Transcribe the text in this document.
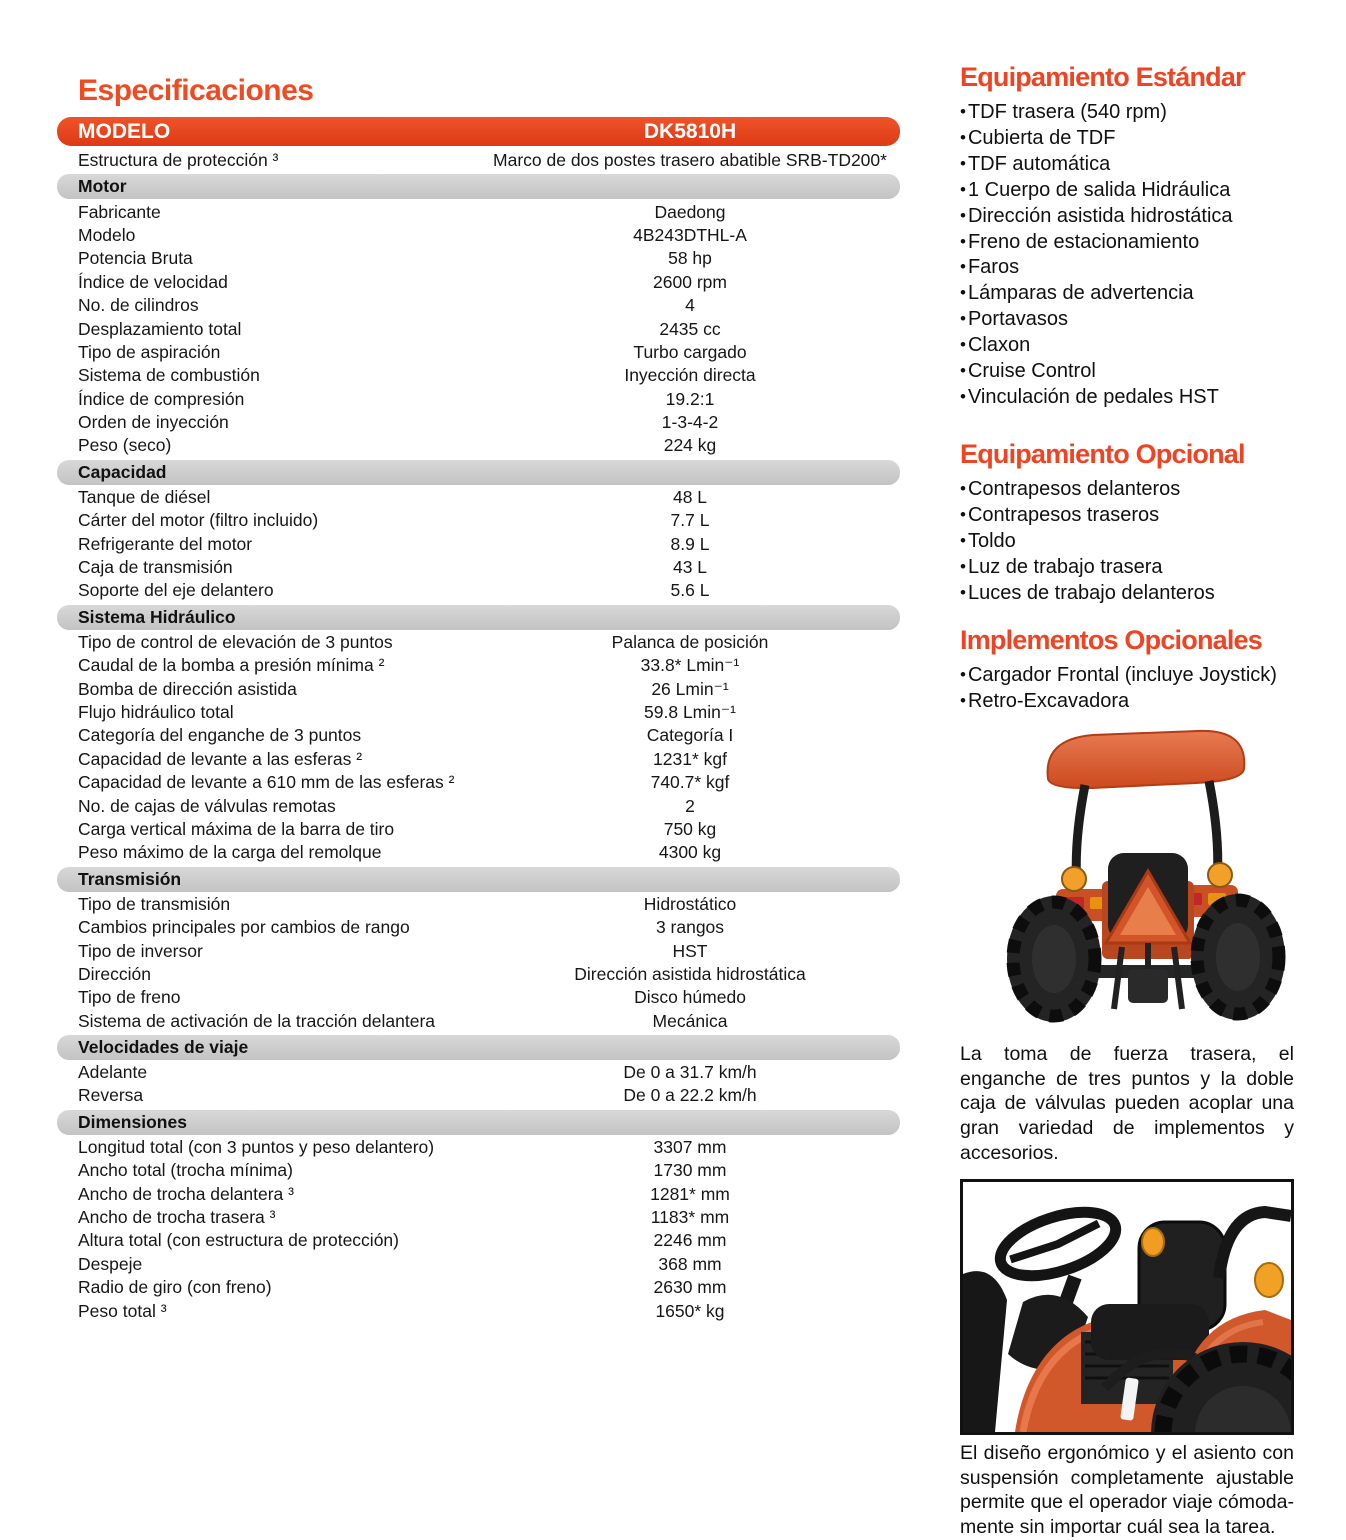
Especificaciones
MODELO	DK5810H
Estructura de protección ³	Marco de dos postes trasero abatible SRB-TD200*
Motor
Fabricante	Daedong
Modelo	4B243DTHL-A
Potencia Bruta	58 hp
Índice de velocidad	2600 rpm
No. de cilindros	4
Desplazamiento total	2435 cc
Tipo de aspiración	Turbo cargado
Sistema de combustión	Inyección directa
Índice de compresión	19.2:1
Orden de inyección	1-3-4-2
Peso (seco)	224 kg
Capacidad
Tanque de diésel	48 L
Cárter del motor (filtro incluido)	7.7 L
Refrigerante del motor	8.9 L
Caja de transmisión	43 L
Soporte del eje delantero	5.6 L
Sistema Hidráulico
Tipo de control de elevación de 3 puntos	Palanca de posición
Caudal de la bomba a presión mínima ²	33.8* Lmin⁻¹
Bomba de dirección asistida	26 Lmin⁻¹
Flujo hidráulico total	59.8 Lmin⁻¹
Categoría del enganche de 3 puntos	Categoría I
Capacidad de levante a las esferas ²	1231* kgf
Capacidad de levante a 610 mm de las esferas ²	740.7* kgf
No. de cajas de válvulas remotas	2
Carga vertical máxima de la barra de tiro	750 kg
Peso máximo de la carga del remolque	4300 kg
Transmisión
Tipo de transmisión	Hidrostático
Cambios principales por cambios de rango	3 rangos
Tipo de inversor	HST
Dirección	Dirección asistida hidrostática
Tipo de freno	Disco húmedo
Sistema de activación de la tracción delantera	Mecánica
Velocidades de viaje
Adelante	De 0 a 31.7 km/h
Reversa	De 0 a 22.2 km/h
Dimensiones
Longitud total (con 3 puntos y peso delantero)	3307 mm
Ancho total (trocha mínima)	1730 mm
Ancho de trocha delantera ³	1281* mm
Ancho de trocha trasera ³	1183* mm
Altura total (con estructura de protección)	2246 mm
Despeje	368 mm
Radio de giro (con freno)	2630 mm
Peso total ³	1650* kg
Equipamiento Estándar
• TDF trasera (540 rpm)
• Cubierta de TDF
• TDF automática
• 1 Cuerpo de salida Hidráulica
• Dirección asistida hidrostática
• Freno de estacionamiento
• Faros
• Lámparas de advertencia
• Portavasos
• Claxon
• Cruise Control
• Vinculación de pedales HST
Equipamiento Opcional
• Contrapesos delanteros
• Contrapesos traseros
• Toldo
• Luz de trabajo trasera
• Luces de trabajo delanteros
Implementos Opcionales
• Cargador Frontal (incluye Joystick)
• Retro-Excavadora

La toma de fuerza trasera, el enganche de tres puntos y la doble caja de válvulas pueden acoplar una gran variedad de implementos y accesorios.

El diseño ergonómico y el asiento con suspensión completamente ajustable permite que el operador viaje cómoda- mente sin importar cuál sea la tarea.
